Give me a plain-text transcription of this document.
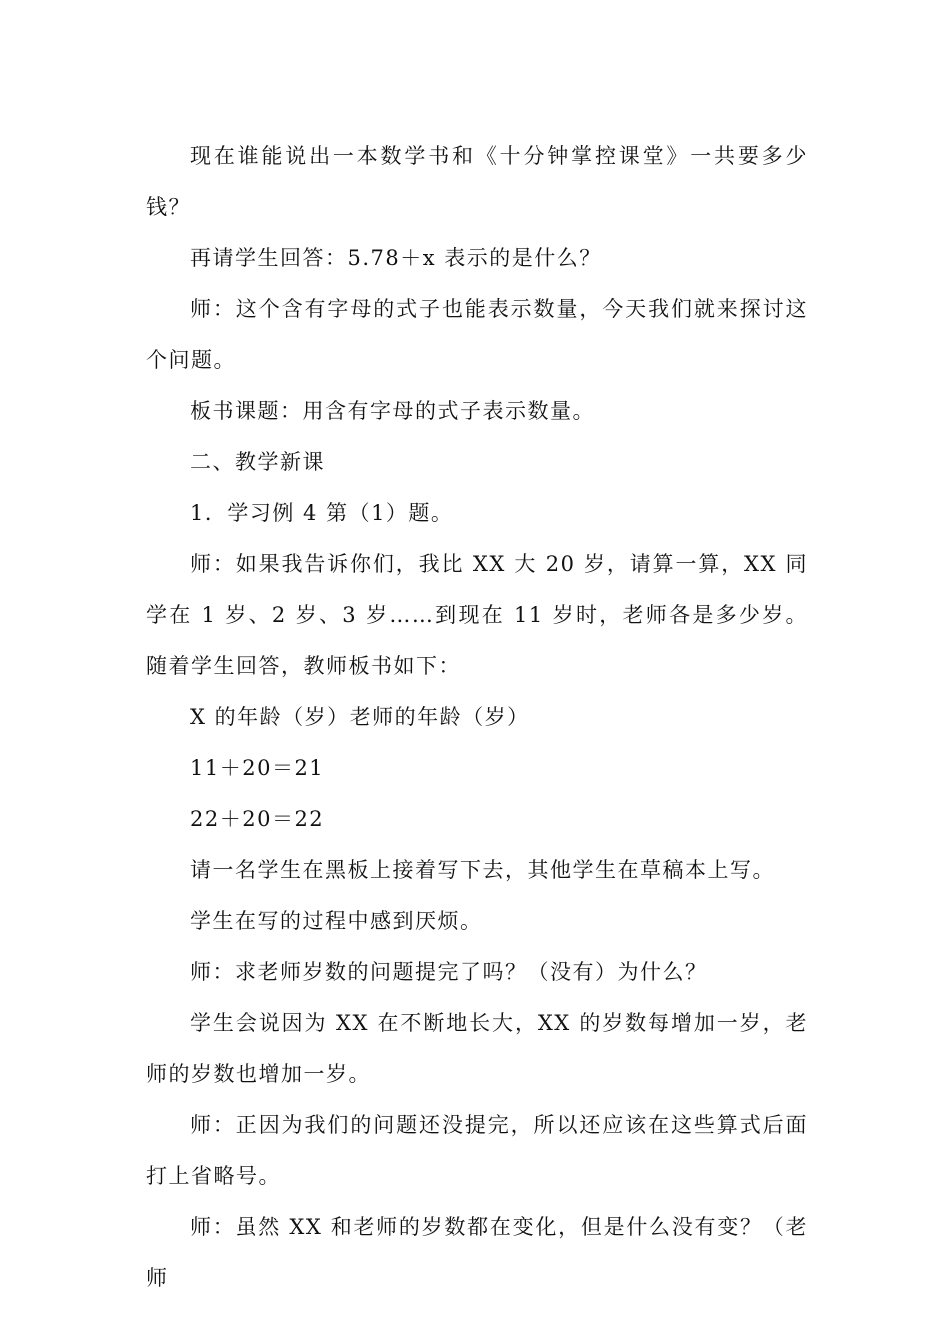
现在谁能说出一本数学书和《十分钟掌控课堂》一共要多少钱？

再请学生回答：5.78＋x 表示的是什么？

师：这个含有字母的式子也能表示数量，今天我们就来探讨这个问题。

板书课题：用含有字母的式子表示数量。

二、教学新课

1．学习例 4 第（1）题。

师：如果我告诉你们，我比 XX 大 20 岁，请算一算，XX 同学在 1 岁、2 岁、3 岁……到现在 11 岁时，老师各是多少岁。随着学生回答，教师板书如下：

X 的年龄（岁）老师的年龄（岁）

11＋20＝21

22＋20＝22

请一名学生在黑板上接着写下去，其他学生在草稿本上写。

学生在写的过程中感到厌烦。

师：求老师岁数的问题提完了吗？（没有）为什么？

学生会说因为 XX 在不断地长大，XX 的岁数每增加一岁，老师的岁数也增加一岁。

师：正因为我们的问题还没提完，所以还应该在这些算式后面打上省略号。

师：虽然 XX 和老师的岁数都在变化，但是什么没有变？（老师
